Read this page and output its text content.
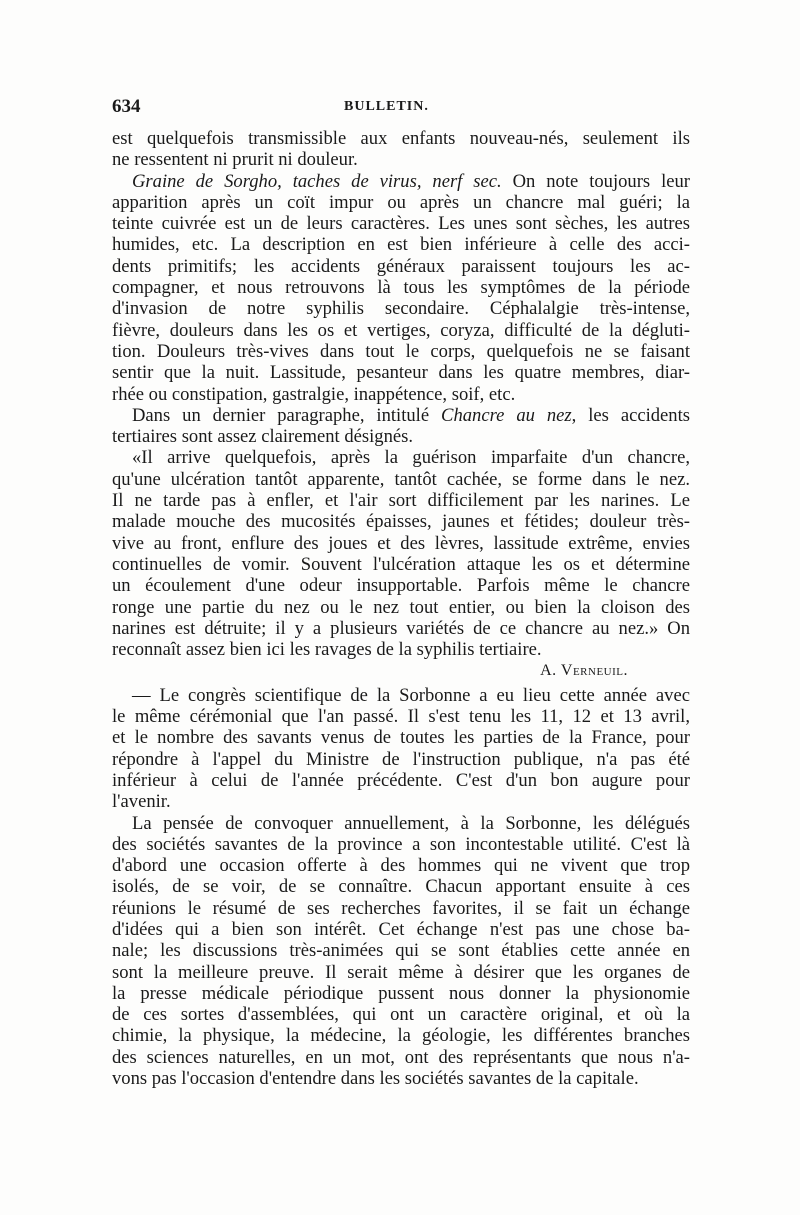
634	BULLETIN.
est quelquefois transmissible aux enfants nouveau-nés, seulement ils
ne ressentent ni prurit ni douleur.
Graine de Sorgho, taches de virus, nerf sec. On note toujours leur
apparition après un coït impur ou après un chancre mal guéri; la
teinte cuivrée est un de leurs caractères. Les unes sont sèches, les autres
humides, etc. La description en est bien inférieure à celle des acci-
dents primitifs; les accidents généraux paraissent toujours les ac-
compagner, et nous retrouvons là tous les symptômes de la période
d'invasion de notre syphilis secondaire. Céphalalgie très-intense,
fièvre, douleurs dans les os et vertiges, coryza, difficulté de la dégluti-
tion. Douleurs très-vives dans tout le corps, quelquefois ne se faisant
sentir que la nuit. Lassitude, pesanteur dans les quatre membres, diar-
rhée ou constipation, gastralgie, inappétence, soif, etc.
Dans un dernier paragraphe, intitulé Chancre au nez, les accidents
tertiaires sont assez clairement désignés.
«Il arrive quelquefois, après la guérison imparfaite d'un chancre,
qu'une ulcération tantôt apparente, tantôt cachée, se forme dans le nez.
Il ne tarde pas à enfler, et l'air sort difficilement par les narines. Le
malade mouche des mucosités épaisses, jaunes et fétides; douleur très-
vive au front, enflure des joues et des lèvres, lassitude extrême, envies
continuelles de vomir. Souvent l'ulcération attaque les os et détermine
un écoulement d'une odeur insupportable. Parfois même le chancre
ronge une partie du nez ou le nez tout entier, ou bien la cloison des
narines est détruite; il y a plusieurs variétés de ce chancre au nez.» On
reconnaît assez bien ici les ravages de la syphilis tertiaire.
A. Verneuil.
— Le congrès scientifique de la Sorbonne a eu lieu cette année avec
le même cérémonial que l'an passé. Il s'est tenu les 11, 12 et 13 avril,
et le nombre des savants venus de toutes les parties de la France, pour
répondre à l'appel du Ministre de l'instruction publique, n'a pas été
inférieur à celui de l'année précédente. C'est d'un bon augure pour
l'avenir.
La pensée de convoquer annuellement, à la Sorbonne, les délégués
des sociétés savantes de la province a son incontestable utilité. C'est là
d'abord une occasion offerte à des hommes qui ne vivent que trop
isolés, de se voir, de se connaître. Chacun apportant ensuite à ces
réunions le résumé de ses recherches favorites, il se fait un échange
d'idées qui a bien son intérêt. Cet échange n'est pas une chose ba-
nale; les discussions très-animées qui se sont établies cette année en
sont la meilleure preuve. Il serait même à désirer que les organes de
la presse médicale périodique pussent nous donner la physionomie
de ces sortes d'assemblées, qui ont un caractère original, et où la
chimie, la physique, la médecine, la géologie, les différentes branches
des sciences naturelles, en un mot, ont des représentants que nous n'a-
vons pas l'occasion d'entendre dans les sociétés savantes de la capitale.
